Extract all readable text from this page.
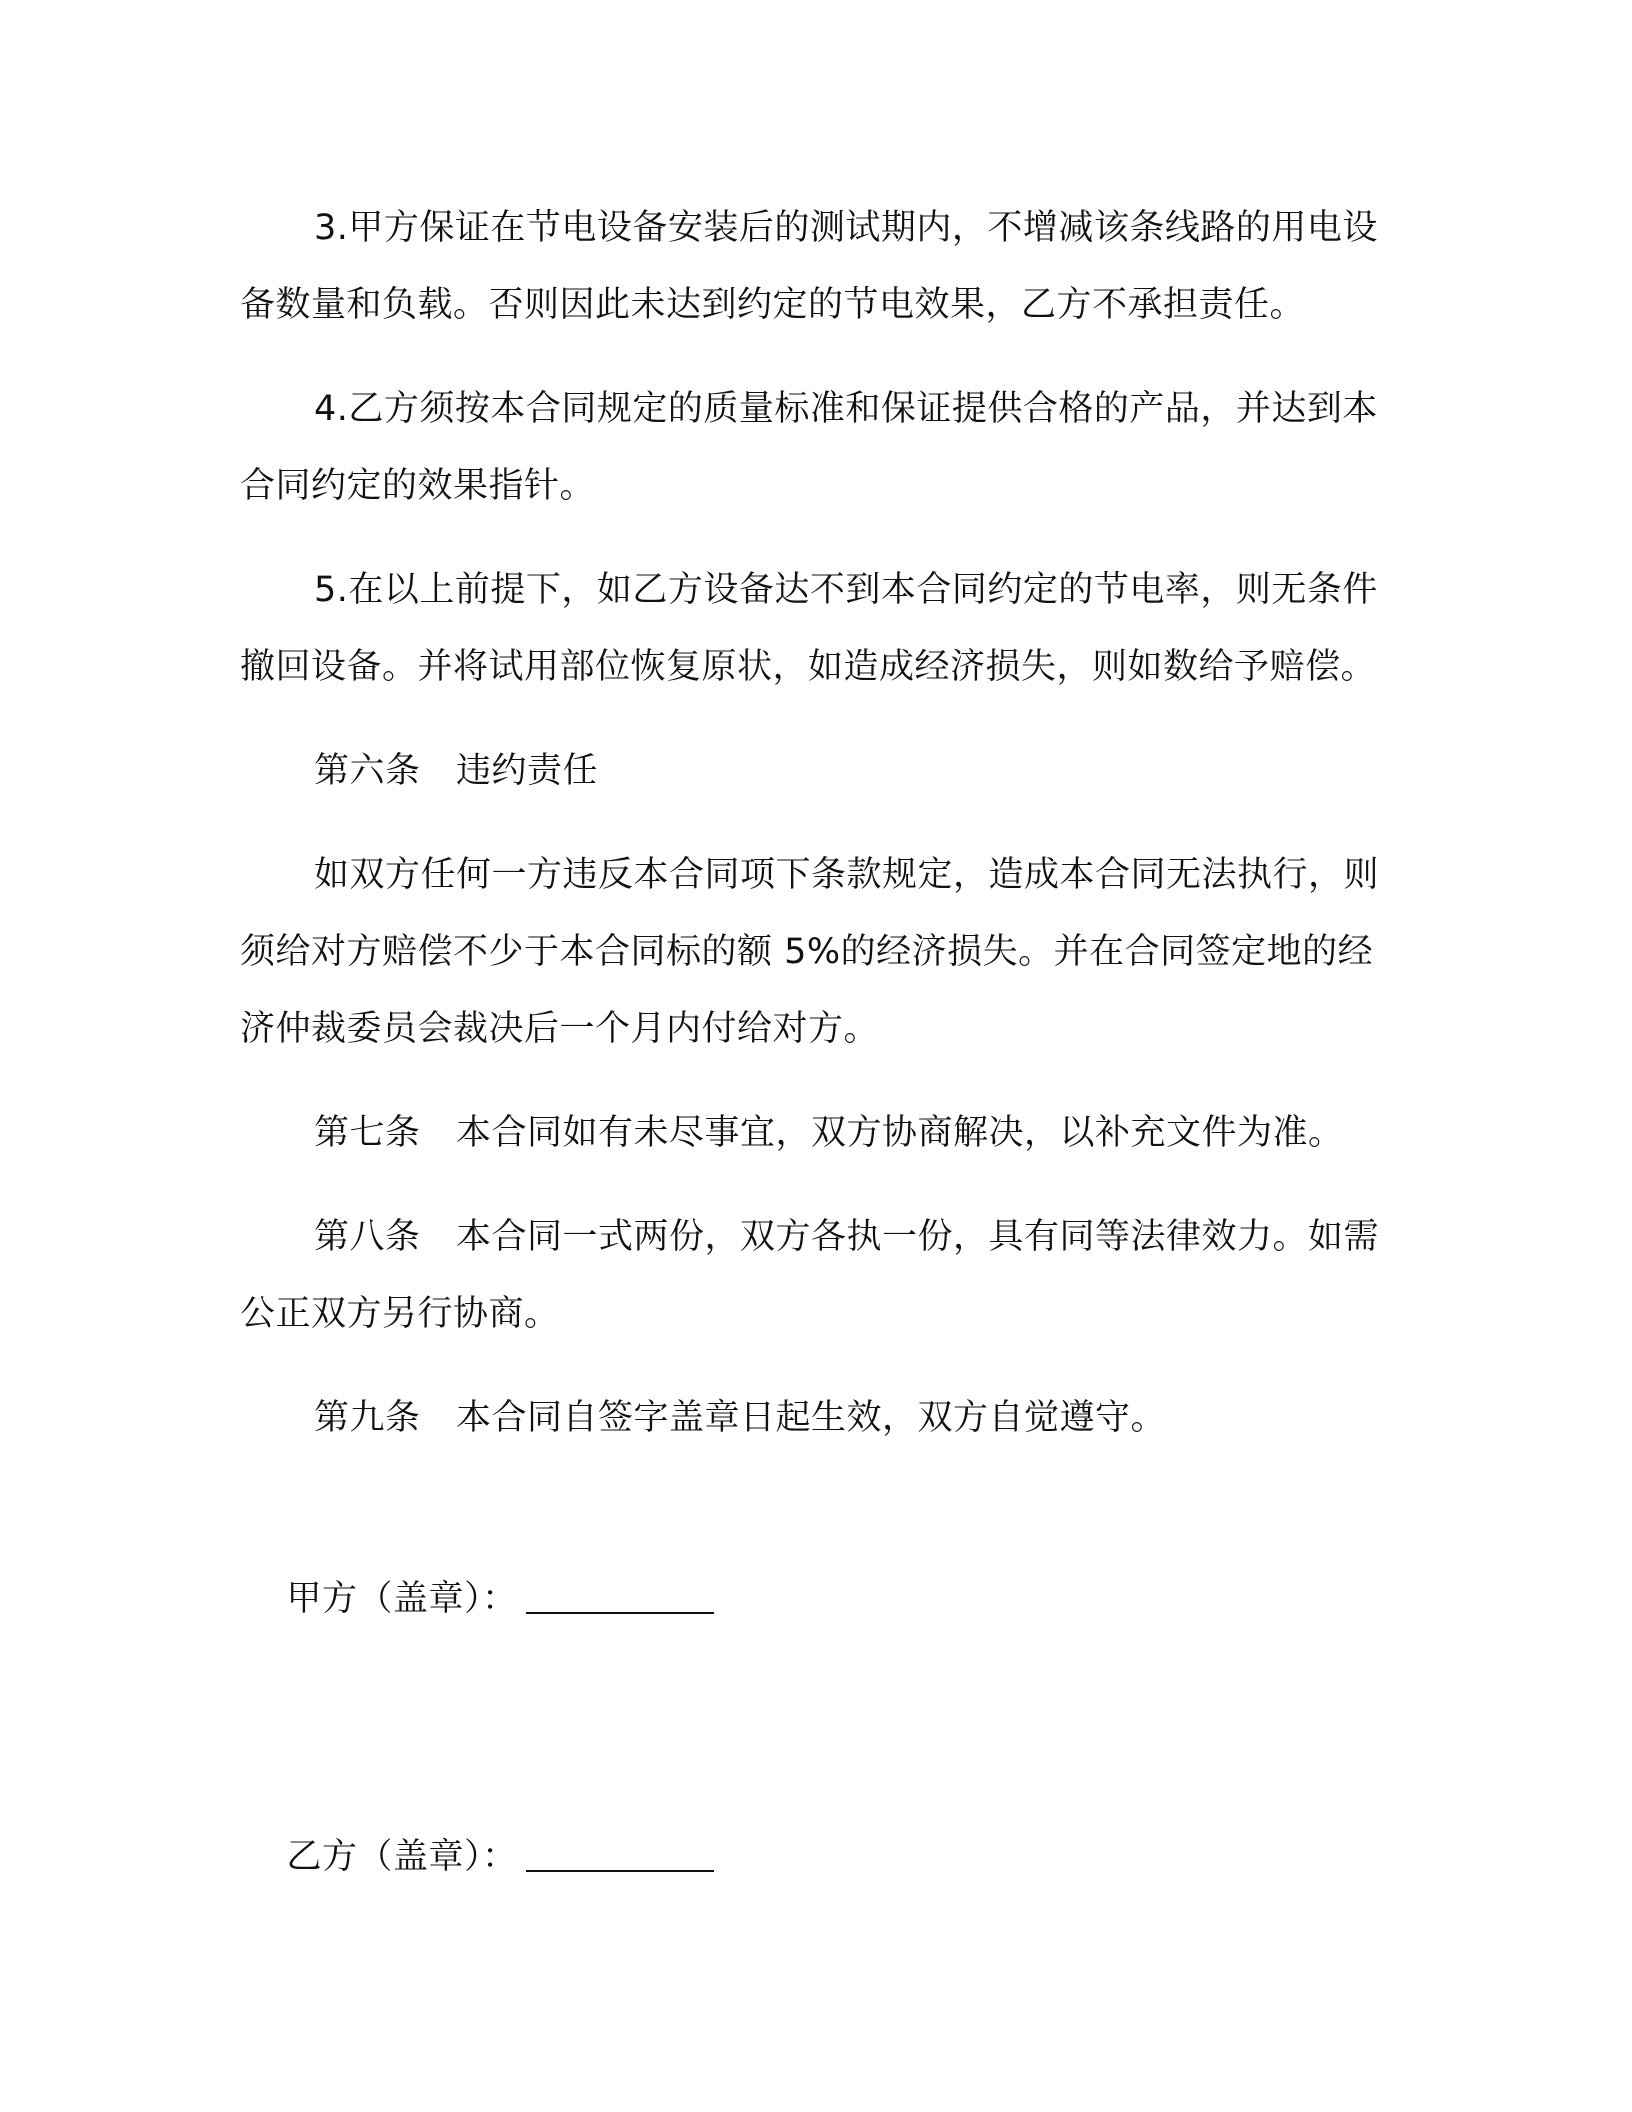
3.甲方保证在节电设备安装后的测试期内，不增减该条线路的用电设备数量和负载。否则因此未达到约定的节电效果，乙方不承担责任。

4.乙方须按本合同规定的质量标准和保证提供合格的产品，并达到本合同约定的效果指针。

5.在以上前提下，如乙方设备达不到本合同约定的节电率，则无条件撤回设备。并将试用部位恢复原状，如造成经济损失，则如数给予赔偿。

第六条　违约责任

如双方任何一方违反本合同项下条款规定，造成本合同无法执行，则须给对方赔偿不少于本合同标的额 5%的经济损失。并在合同签定地的经济仲裁委员会裁决后一个月内付给对方。

第七条　本合同如有未尽事宜，双方协商解决，以补充文件为准。

第八条　本合同一式两份，双方各执一份，具有同等法律效力。如需公正双方另行协商。

第九条　本合同自签字盖章日起生效，双方自觉遵守。

甲方（盖章）：

乙方（盖章）：
